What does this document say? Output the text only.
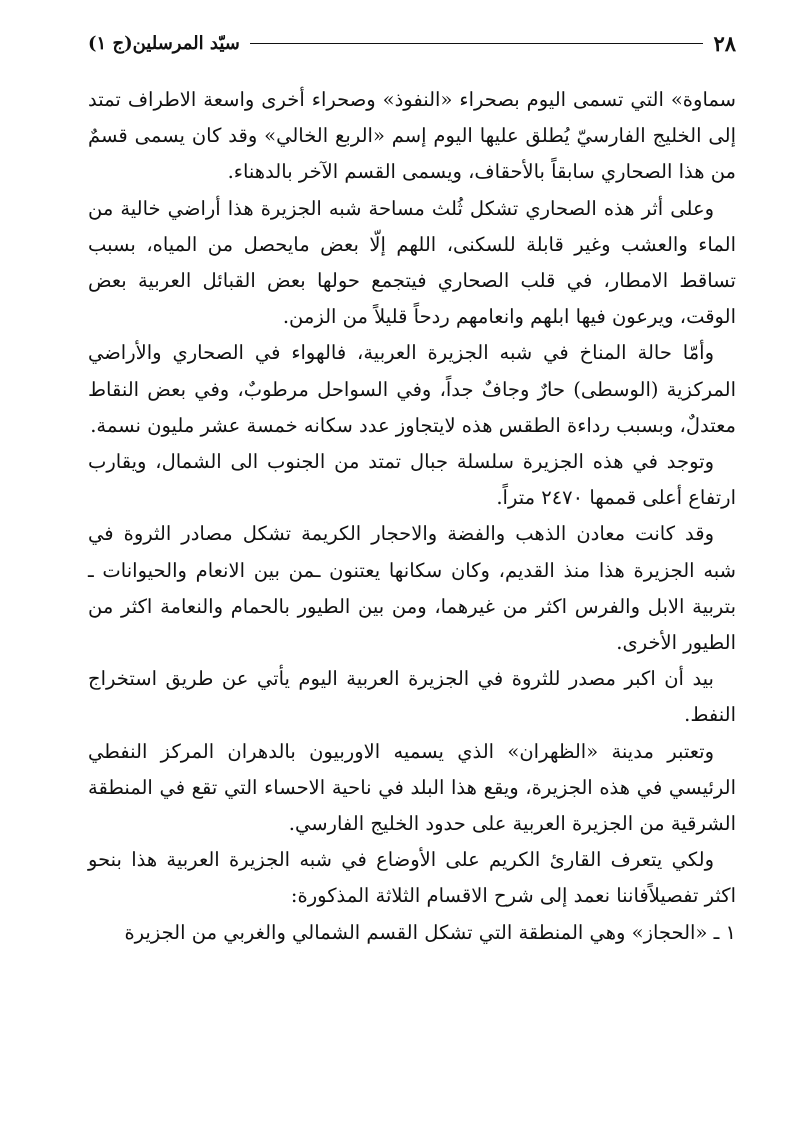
٢٨
سيّد المرسلين(ج ١)

سماوة» التي تسمى اليوم بصحراء «النفوذ» وصحراء أخرى واسعة الاطراف تمتد إلى الخليج الفارسيّ يُطلق عليها اليوم إسم «الربع الخالي» وقد كان يسمى قسمٌ من هذا الصحاري سابقاً بالأحقاف، ويسمى القسم الآخر بالدهناء.

وعلى أثر هذه الصحاري تشكل ثُلث مساحة شبه الجزيرة هذا أراضي خالية من الماء والعشب وغير قابلة للسكنى، اللهم إلّا بعض مايحصل من المياه، بسبب تساقط الامطار، في قلب الصحاري فيتجمع حولها بعض القبائل العربية بعض الوقت، ويرعون فيها ابلهم وانعامهم ردحاً قليلاً من الزمن.

وأمّا حالة المناخ في شبه الجزيرة العربية، فالهواء في الصحاري والأراضي المركزية (الوسطى) حارٌ وجافٌ جداً، وفي السواحل مرطوبٌ، وفي بعض النقاط معتدلٌ، وبسبب رداءة الطقس هذه لايتجاوز عدد سكانه خمسة عشر مليون نسمة.

وتوجد في هذه الجزيرة سلسلة جبال تمتد من الجنوب الى الشمال، ويقارب ارتفاع أعلى قممها ٢٤٧٠ متراً.

وقد كانت معادن الذهب والفضة والاحجار الكريمة تشكل مصادر الثروة في شبه الجزيرة هذا منذ القديم، وكان سكانها يعتنون ـمن بين الانعام والحيوانات ـ بتربية الابل والفرس اكثر من غيرهما، ومن بين الطيور بالحمام والنعامة اكثر من الطيور الأخرى.

بيد أن اكبر مصدر للثروة في الجزيرة العربية اليوم يأتي عن طريق استخراج النفط.

وتعتبر مدينة «الظهران» الذي يسميه الاوربيون بالدهران المركز النفطي الرئيسي في هذه الجزيرة، ويقع هذا البلد في ناحية الاحساء التي تقع في المنطقة الشرقية من الجزيرة العربية على حدود الخليج الفارسي.

ولكي يتعرف القارئ الكريم على الأوضاع في شبه الجزيرة العربية هذا بنحو اكثر تفصيلاًفاننا نعمد إلى شرح الاقسام الثلاثة المذكورة:

١ ـ «الحجاز» وهي المنطقة التي تشكل القسم الشمالي والغربي من الجزيرة
